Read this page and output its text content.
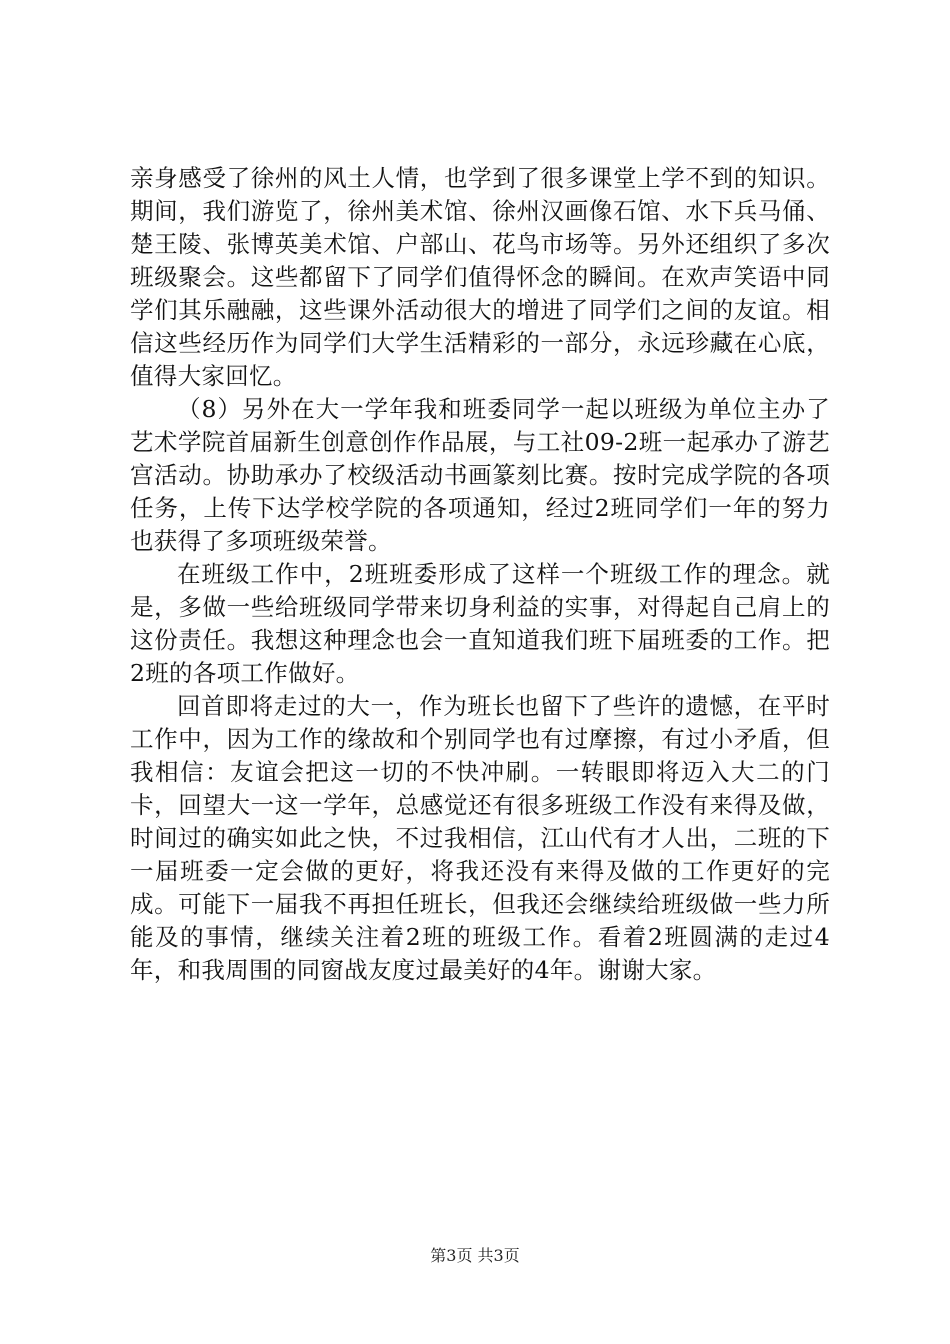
亲身感受了徐州的风土人情，也学到了很多课堂上学不到的知识。期间，我们游览了，徐州美术馆、徐州汉画像石馆、水下兵马俑、楚王陵、张博英美术馆、户部山、花鸟市场等。另外还组织了多次班级聚会。这些都留下了同学们值得怀念的瞬间。在欢声笑语中同学们其乐融融，这些课外活动很大的增进了同学们之间的友谊。相信这些经历作为同学们大学生活精彩的一部分，永远珍藏在心底，值得大家回忆。

（8）另外在大一学年我和班委同学一起以班级为单位主办了艺术学院首届新生创意创作作品展，与工社09-2班一起承办了游艺宫活动。协助承办了校级活动书画篆刻比赛。按时完成学院的各项任务，上传下达学校学院的各项通知，经过2班同学们一年的努力也获得了多项班级荣誉。

在班级工作中，2班班委形成了这样一个班级工作的理念。就是，多做一些给班级同学带来切身利益的实事，对得起自己肩上的这份责任。我想这种理念也会一直知道我们班下届班委的工作。把2班的各项工作做好。

回首即将走过的大一，作为班长也留下了些许的遗憾，在平时工作中，因为工作的缘故和个别同学也有过摩擦，有过小矛盾，但我相信：友谊会把这一切的不快冲刷。一转眼即将迈入大二的门卡，回望大一这一学年，总感觉还有很多班级工作没有来得及做，时间过的确实如此之快，不过我相信，江山代有才人出，二班的下一届班委一定会做的更好，将我还没有来得及做的工作更好的完成。可能下一届我不再担任班长，但我还会继续给班级做一些力所能及的事情，继续关注着2班的班级工作。看着2班圆满的走过4年，和我周围的同窗战友度过最美好的4年。谢谢大家。

第3页 共3页
